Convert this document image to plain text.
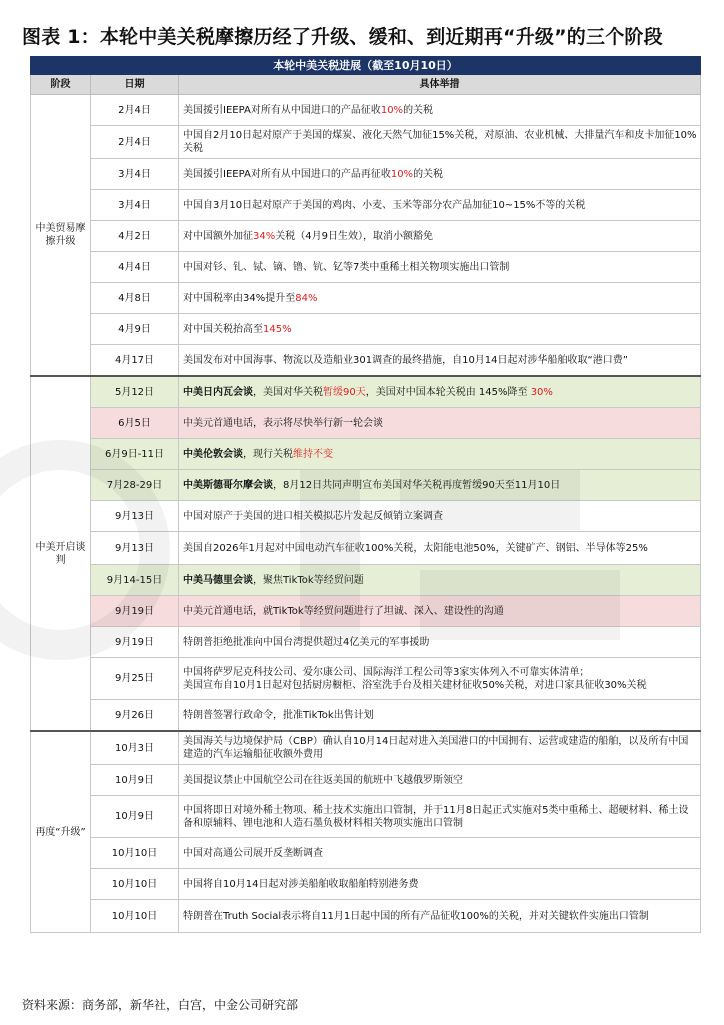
图表 1：本轮中美关税摩擦历经了升级、缓和、到近期再“升级”的三个阶段
本轮中美关税进展（截至10月10日）		
阶段	日期	具体举措
中美贸易摩擦升级	2月4日	美国援引IEEPA对所有从中国进口的产品征收10%的关税
	2月4日	中国自2月10日起对原产于美国的煤炭、液化天然气加征15%关税，对原油、农业机械、大排量汽车和皮卡加征10%关税
	3月4日	美国援引IEEPA对所有从中国进口的产品再征收10%的关税
	3月4日	中国自3月10日起对原产于美国的鸡肉、小麦、玉米等部分农产品加征10~15%不等的关税
	4月2日	对中国额外加征34%关税（4月9日生效），取消小额豁免
	4月4日	中国对钐、钆、铽、镝、镥、钪、钇等7类中重稀土相关物项实施出口管制
	4月8日	对中国税率由34%提升至84%
	4月9日	对中国关税抬高至145%
	4月17日	美国发布对中国海事、物流以及造船业301调查的最终措施，自10月14日起对涉华船舶收取“港口费”
中美开启谈判	5月12日	中美日内瓦会谈，美国对华关税暂缓90天，美国对中国本轮关税由 145%降至 30%
	6月5日	中美元首通电话，表示将尽快举行新一轮会谈
	6月9日-11日	中美伦敦会谈，现行关税维持不变
	7月28-29日	中美斯德哥尔摩会谈，8月12日共同声明宣布美国对华关税再度暂缓90天至11月10日
	9月13日	中国对原产于美国的进口相关模拟芯片发起反倾销立案调查
	9月13日	美国自2026年1月起对中国电动汽车征收100%关税，太阳能电池50%，关键矿产、钢铝、半导体等25%
	9月14-15日	中美马德里会谈，聚焦TikTok等经贸问题
	9月19日	中美元首通电话，就TikTok等经贸问题进行了坦诚、深入、建设性的沟通
	9月19日	特朗普拒绝批准向中国台湾提供超过4亿美元的军事援助
	9月25日	中国将萨罗尼克科技公司、爱尔康公司、国际海洋工程公司等3家实体列入不可靠实体清单；
美国宣布自10月1日起对包括厨房橱柜、浴室洗手台及相关建材征收50%关税，对进口家具征收30%关税
	9月26日	特朗普签署行政命令，批准TikTok出售计划
再度“升级”	10月3日	美国海关与边境保护局（CBP）确认自10月14日起对进入美国港口的中国拥有、运营或建造的船舶，以及所有中国建造的汽车运输船征收额外费用
	10月9日	美国提议禁止中国航空公司在往返美国的航班中飞越俄罗斯领空
	10月9日	中国将即日对境外稀土物项、稀土技术实施出口管制，并于11月8日起正式实施对5类中重稀土、超硬材料、稀土设备和原辅料、锂电池和人造石墨负极材料相关物项实施出口管制
	10月10日	中国对高通公司展开反垄断调查
	10月10日	中国将自10月14日起对涉美船舶收取船舶特别港务费
	10月10日	特朗普在Truth Social表示将自11月1日起中国的所有产品征收100%的关税，并对关键软件实施出口管制
资料来源：商务部，新华社，白宫，中金公司研究部
